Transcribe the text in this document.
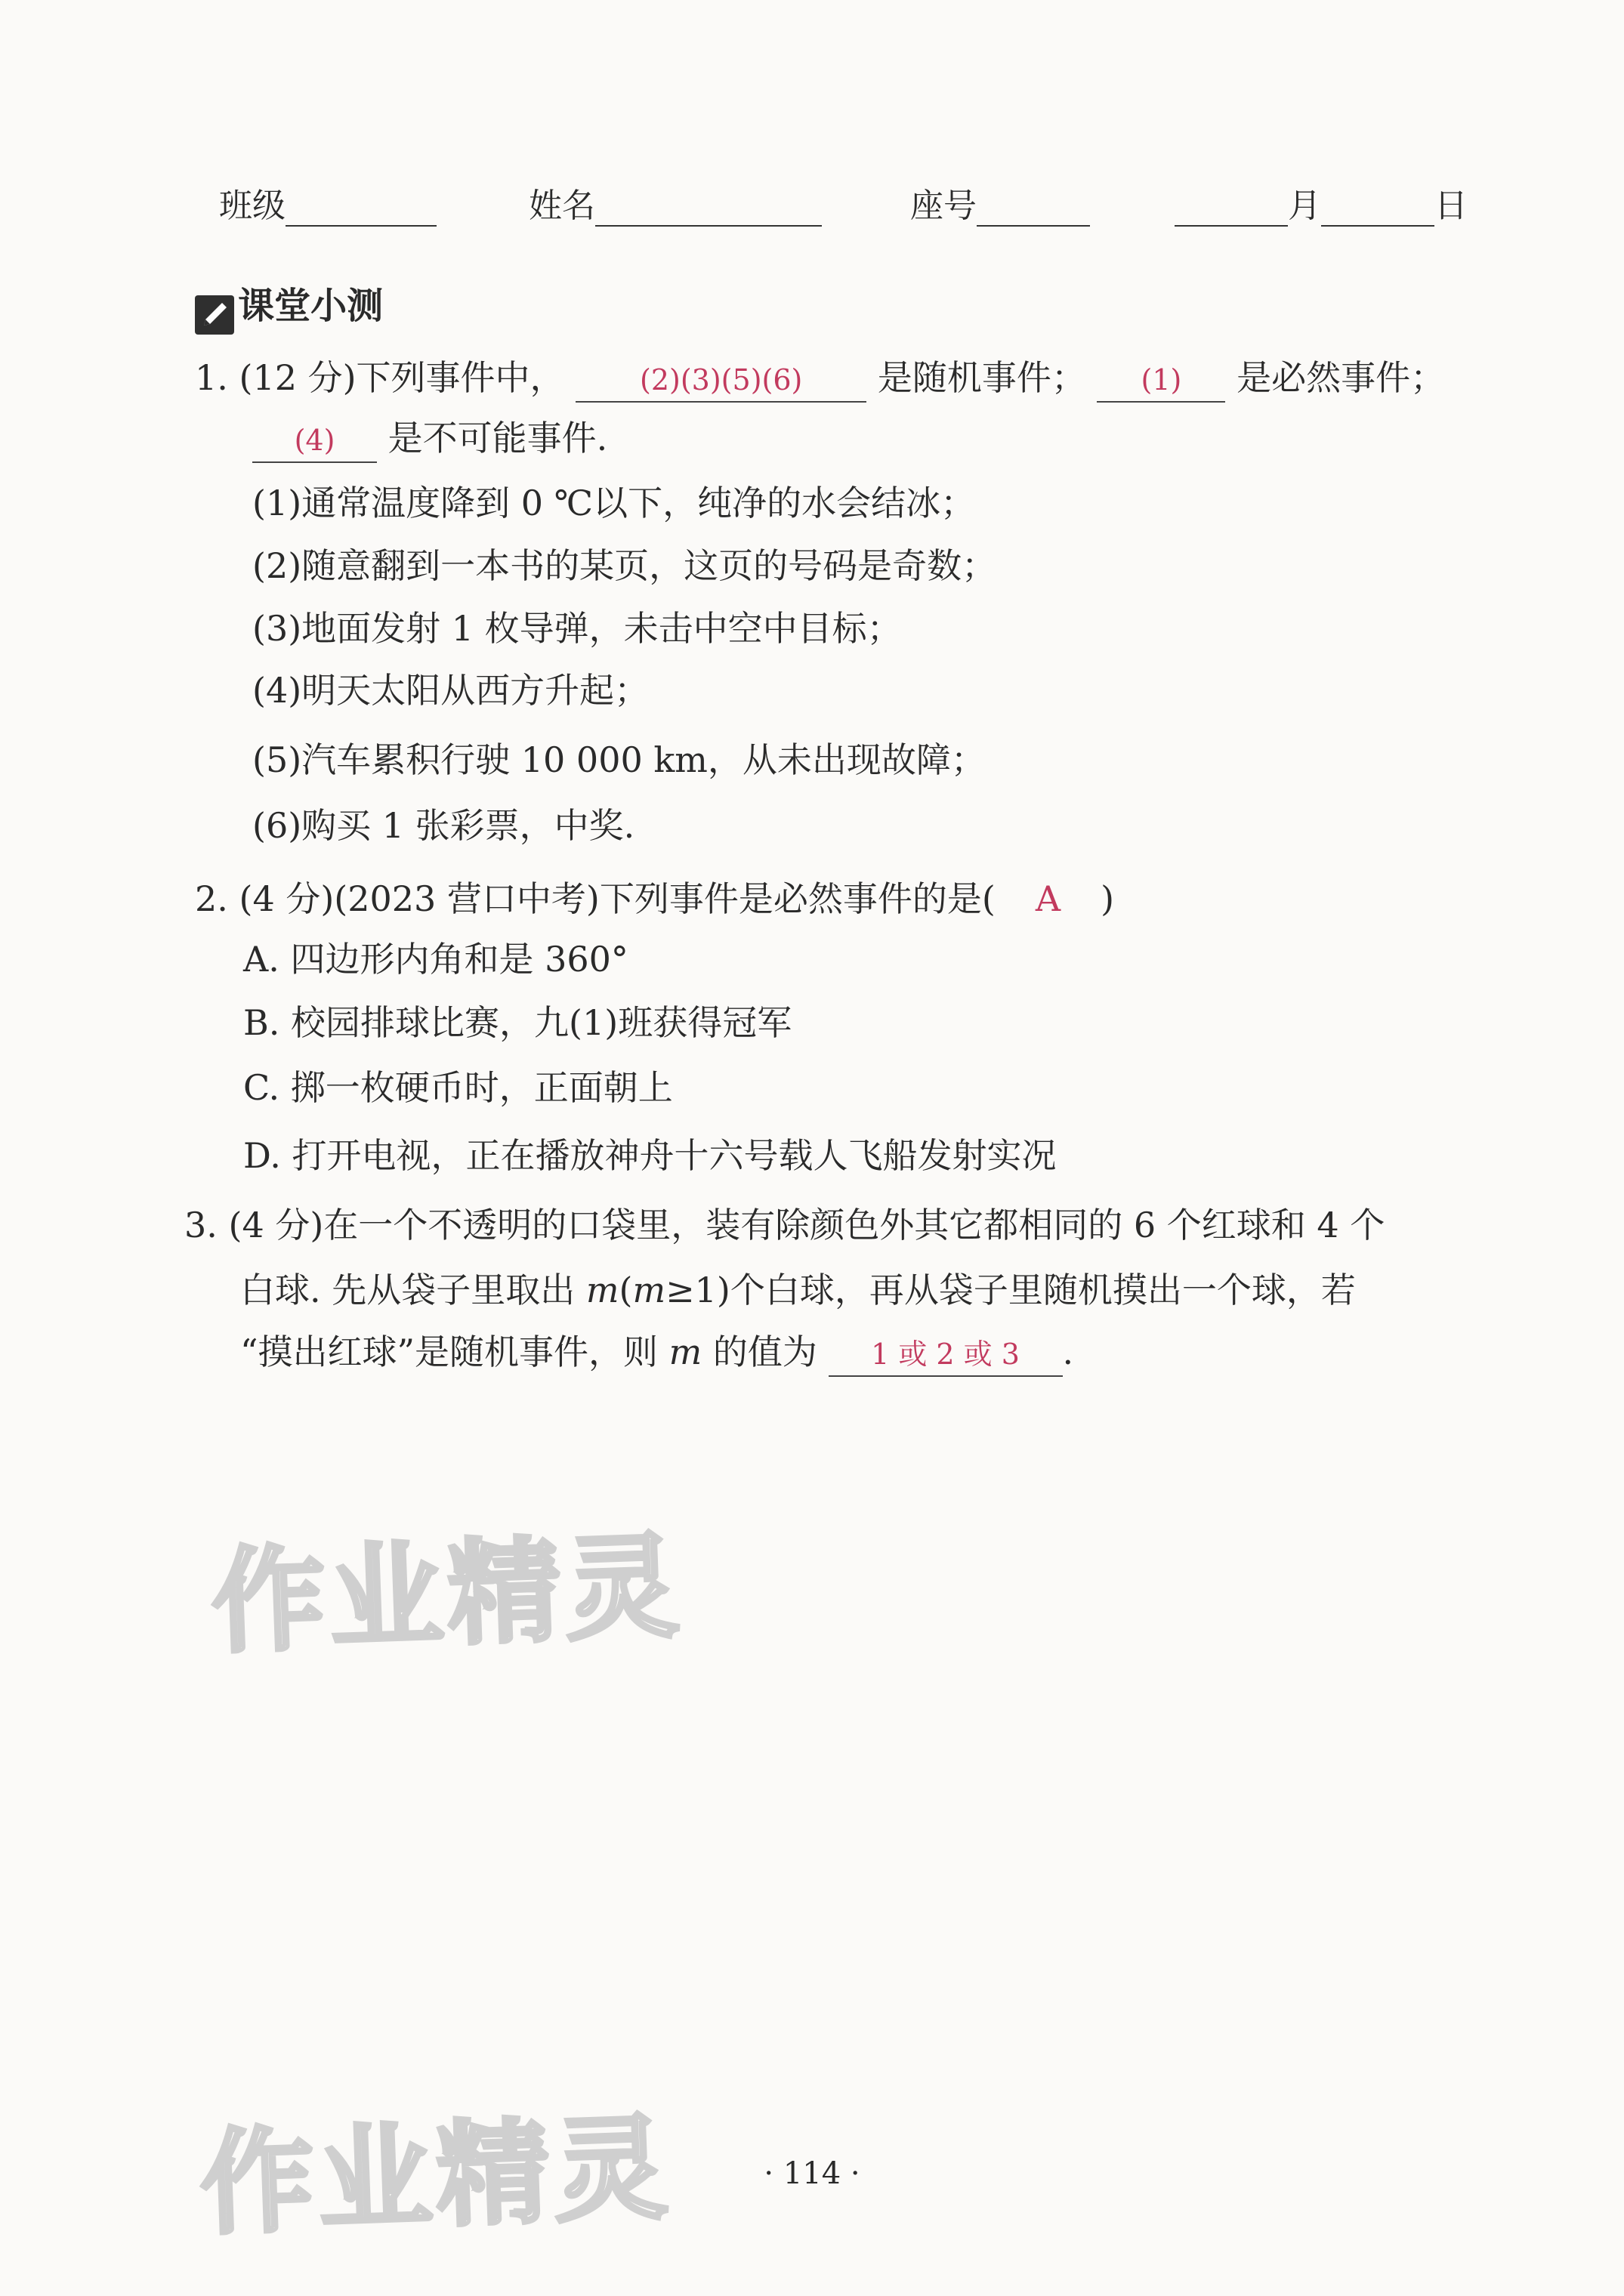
班级	姓名	座号	月	日
课堂小测
1. (12 分)下列事件中，	(2)(3)(5)(6) 是随机事件； (1) 是必然事件；
(4) 是不可能事件.
(1)通常温度降到 0 ℃以下，纯净的水会结冰；
(2)随意翻到一本书的某页，这页的号码是奇数；
(3)地面发射 1 枚导弹，未击中空中目标；
(4)明天太阳从西方升起；
(5)汽车累积行驶 10 000 km，从未出现故障；
(6)购买 1 张彩票，中奖.
2. (4 分)(2023 营口中考)下列事件是必然事件的是( A )
A. 四边形内角和是 360°
B. 校园排球比赛，九(1)班获得冠军
C. 掷一枚硬币时，正面朝上
D. 打开电视，正在播放神舟十六号载人飞船发射实况
3. (4 分)在一个不透明的口袋里，装有除颜色外其它都相同的 6 个红球和 4 个
白球. 先从袋子里取出 m(m≥1)个白球，再从袋子里随机摸出一个球，若
“摸出红球”是随机事件，则 m 的值为 1 或 2 或 3 .
作业精灵
作业精灵	· 114 ·
